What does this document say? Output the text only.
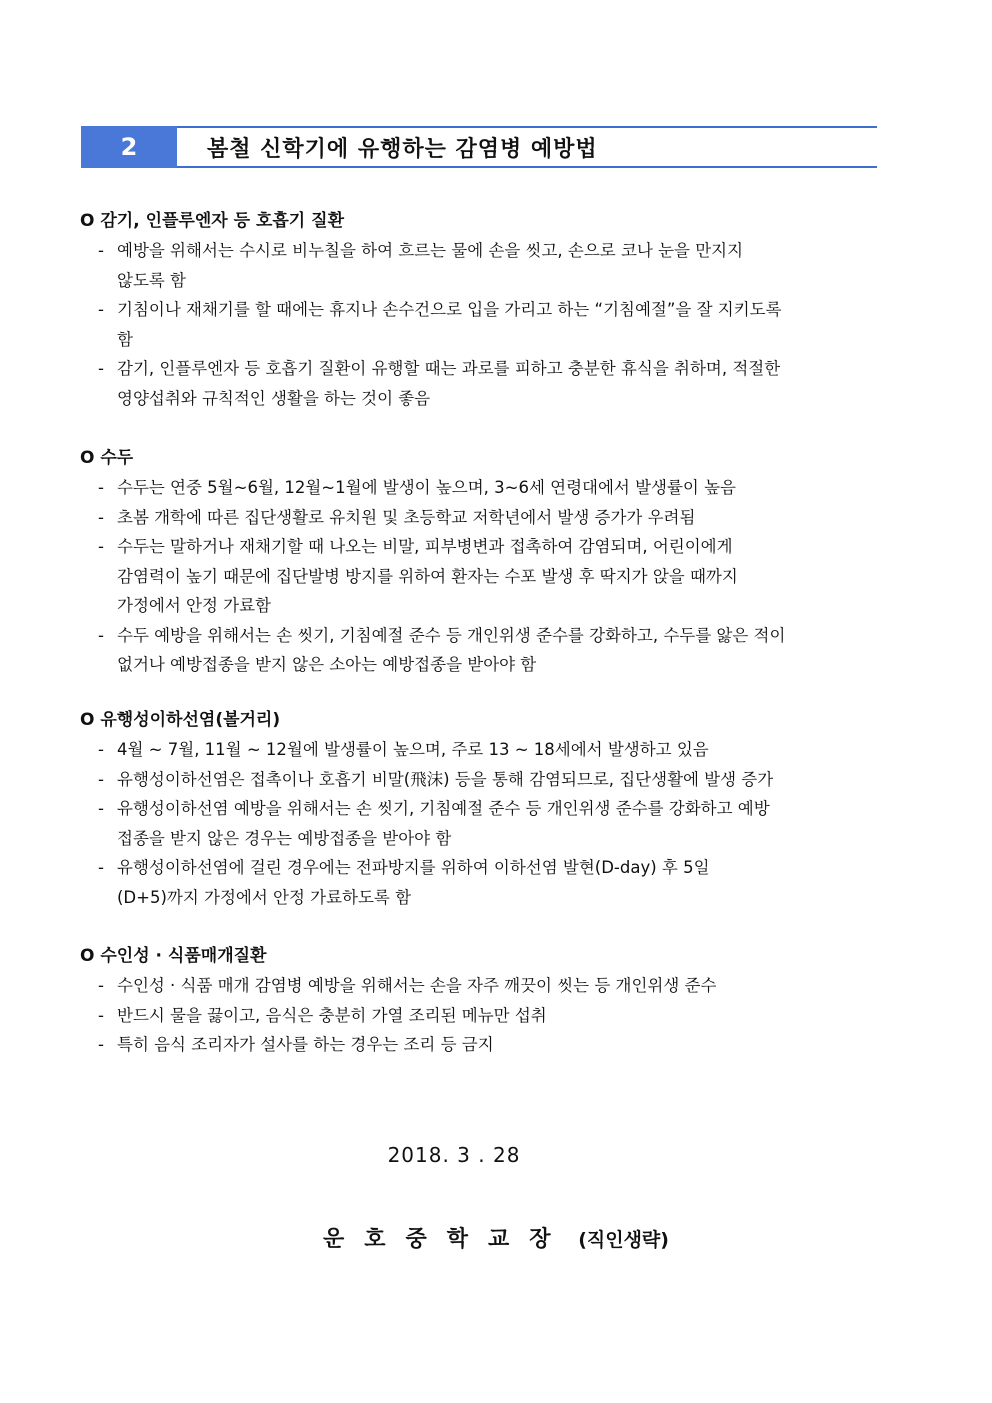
2	봄철 신학기에 유행하는 감염병 예방법
O 감기, 인플루엔자 등 호흡기 질환
- 예방을 위해서는 수시로 비누칠을 하여 흐르는 물에 손을 씻고, 손으로 코나 눈을 만지지
않도록 함
- 기침이나 재채기를 할 때에는 휴지나 손수건으로 입을 가리고 하는 “기침예절”을 잘 지키도록
함
- 감기, 인플루엔자 등 호흡기 질환이 유행할 때는 과로를 피하고 충분한 휴식을 취하며, 적절한
영양섭취와 규칙적인 생활을 하는 것이 좋음
O 수두
- 수두는 연중 5월~6월, 12월~1월에 발생이 높으며, 3~6세 연령대에서 발생률이 높음
- 초봄 개학에 따른 집단생활로 유치원 및 초등학교 저학년에서 발생 증가가 우려됨
- 수두는 말하거나 재채기할 때 나오는 비말, 피부병변과 접촉하여 감염되며, 어린이에게
감염력이 높기 때문에 집단발병 방지를 위하여 환자는 수포 발생 후 딱지가 앉을 때까지
가정에서 안정 가료함
- 수두 예방을 위해서는 손 씻기, 기침예절 준수 등 개인위생 준수를 강화하고, 수두를 앓은 적이
없거나 예방접종을 받지 않은 소아는 예방접종을 받아야 함
O 유행성이하선염(볼거리)
- 4월 ~ 7월, 11월 ~ 12월에 발생률이 높으며, 주로 13 ~ 18세에서 발생하고 있음
- 유행성이하선염은 접촉이나 호흡기 비말(飛沫) 등을 통해 감염되므로, 집단생활에 발생 증가
- 유행성이하선염 예방을 위해서는 손 씻기, 기침예절 준수 등 개인위생 준수를 강화하고 예방
접종을 받지 않은 경우는 예방접종을 받아야 함
- 유행성이하선염에 걸린 경우에는 전파방지를 위하여 이하선염 발현(D-day) 후 5일
(D+5)까지 가정에서 안정 가료하도록 함
O 수인성 · 식품매개질환
- 수인성 · 식품 매개 감염병 예방을 위해서는 손을 자주 깨끗이 씻는 등 개인위생 준수
- 반드시 물을 끓이고, 음식은 충분히 가열 조리된 메뉴만 섭취
- 특히 음식 조리자가 설사를 하는 경우는 조리 등 금지
2018. 3 . 28
운호중학교장 (직인생략)
